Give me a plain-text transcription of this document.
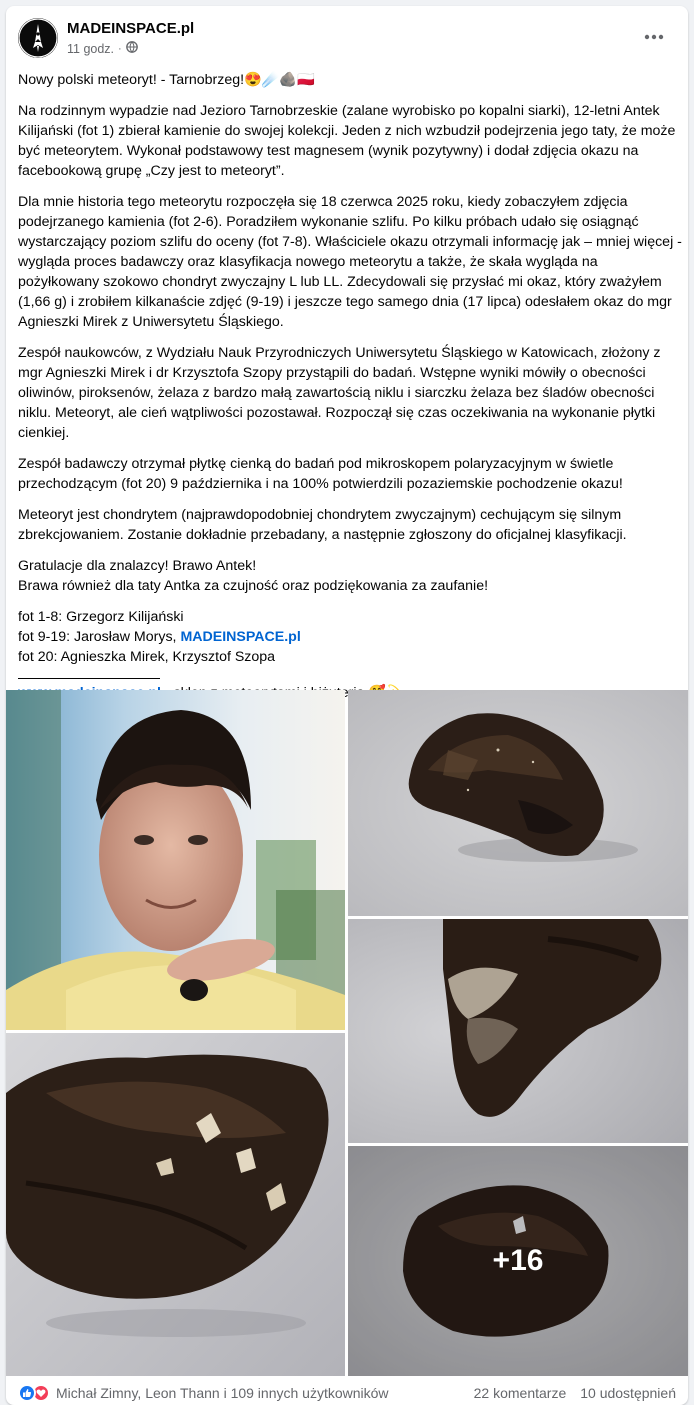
MADEINSPACE.pl
11 godz. ·

Nowy polski meteoryt! - Tarnobrzeg!😍☄️🪨🇵🇱

Na rodzinnym wypadzie nad Jezioro Tarnobrzeskie (zalane wyrobisko po kopalni siarki), 12-letni Antek Kilijański (fot 1) zbierał kamienie do swojej kolekcji. Jeden z nich wzbudził podejrzenia jego taty, że może być meteorytem. Wykonał podstawowy test magnesem (wynik pozytywny) i dodał zdjęcia okazu na facebookową grupę „Czy jest to meteoryt”.

Dla mnie historia tego meteorytu rozpoczęła się 18 czerwca 2025 roku, kiedy zobaczyłem zdjęcia podejrzanego kamienia (fot 2-6). Poradziłem wykonanie szlifu. Po kilku próbach udało się osiągnąć wystarczający poziom szlifu do oceny (fot 7-8). Właściciele okazu otrzymali informację jak – mniej więcej - wygląda proces badawczy oraz klasyfikacja nowego meteorytu a także, że skała wygląda na pożyłkowany szokowo chondryt zwyczajny L lub LL. Zdecydowali się przysłać mi okaz, który zważyłem (1,66 g) i zrobiłem kilkanaście zdjęć (9-19) i jeszcze tego samego dnia (17 lipca) odesłałem okaz do mgr Agnieszki Mirek z Uniwersytetu Śląskiego.

Zespół naukowców, z Wydziału Nauk Przyrodniczych Uniwersytetu Śląskiego w Katowicach, złożony z mgr Agnieszki Mirek i dr Krzysztofa Szopy przystąpili do badań. Wstępne wyniki mówiły o obecności oliwinów, piroksenów, żelaza z bardzo małą zawartością niklu i siarczku żelaza bez śladów obecności niklu. Meteoryt, ale cień wątpliwości pozostawał. Rozpoczął się czas oczekiwania na wykonanie płytki cienkiej.

Zespół badawczy otrzymał płytkę cienką do badań pod mikroskopem polaryzacyjnym w świetle przechodzącym (fot 20) 9 października i na 100% potwierdzili pozaziemskie pochodzenie okazu!

Meteoryt jest chondrytem (najprawdopodobniej chondrytem zwyczajnym) cechującym się silnym zbrekcjowaniem. Zostanie dokładnie przebadany, a następnie zgłoszony do oficjalnej klasyfikacji.

Gratulacje dla znalazcy! Brawo Antek!
Brawa również dla taty Antka za czujność oraz podziękowania za zaufanie!

fot 1-8: Grzegorz Kilijański
fot 9-19: Jarosław Morys, MADEINSPACE.pl
fot 20: Agnieszka Mirek, Krzysztof Szopa

+16
Michał Zimny, Leon Thann i 109 innych użytkowników	22 komentarze 10 udostępnień
